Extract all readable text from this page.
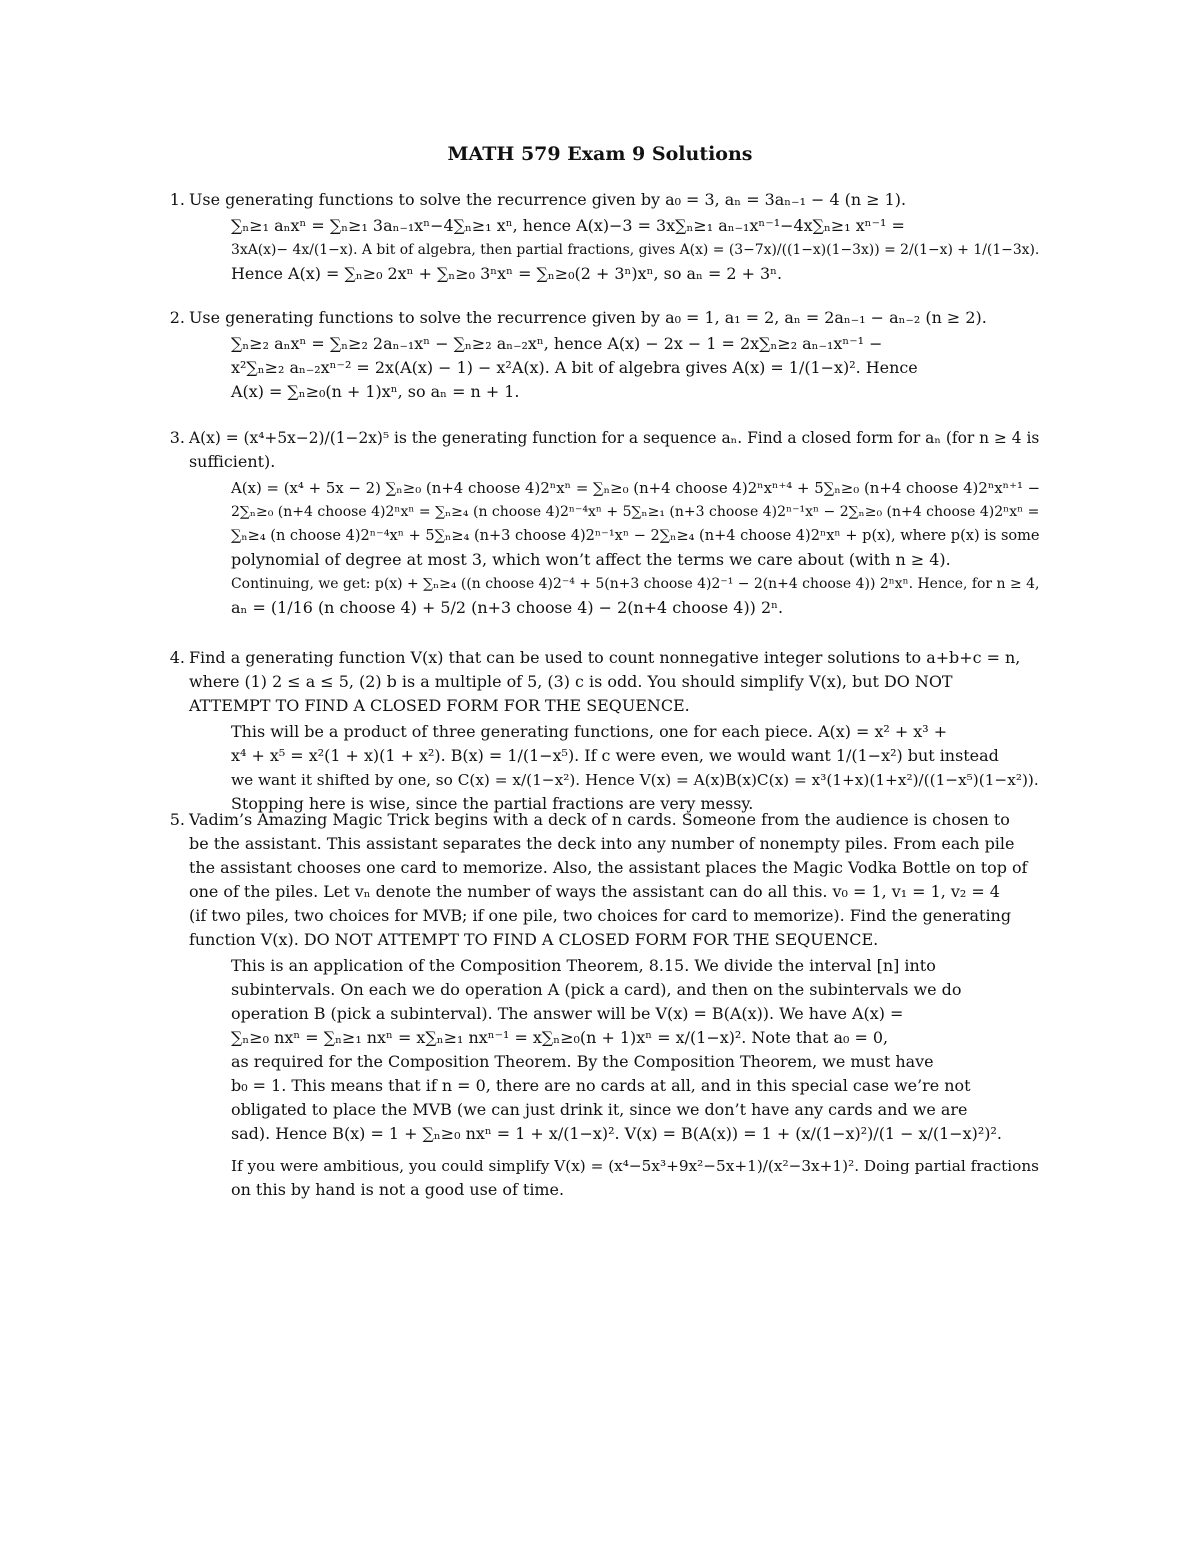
MATH 579 Exam 9 Solutions
1. Use generating functions to solve the recurrence given by a₀ = 3, aₙ = 3aₙ₋₁ − 4 (n ≥ 1).
∑ₙ≥₁ aₙxⁿ = ∑ₙ≥₁ 3aₙ₋₁xⁿ−4∑ₙ≥₁ xⁿ, hence A(x)−3 = 3x∑ₙ≥₁ aₙ₋₁xⁿ⁻¹−4x∑ₙ≥₁ xⁿ⁻¹ =
3xA(x)− 4x/(1−x). A bit of algebra, then partial fractions, gives A(x) = (3−7x)/((1−x)(1−3x)) = 2/(1−x) + 1/(1−3x).
Hence A(x) = ∑ₙ≥₀ 2xⁿ + ∑ₙ≥₀ 3ⁿxⁿ = ∑ₙ≥₀(2 + 3ⁿ)xⁿ, so aₙ = 2 + 3ⁿ.
2. Use generating functions to solve the recurrence given by a₀ = 1, a₁ = 2, aₙ = 2aₙ₋₁ − aₙ₋₂ (n ≥ 2).
∑ₙ≥₂ aₙxⁿ = ∑ₙ≥₂ 2aₙ₋₁xⁿ − ∑ₙ≥₂ aₙ₋₂xⁿ, hence A(x) − 2x − 1 = 2x∑ₙ≥₂ aₙ₋₁xⁿ⁻¹ −
x²∑ₙ≥₂ aₙ₋₂xⁿ⁻² = 2x(A(x) − 1) − x²A(x). A bit of algebra gives A(x) = 1/(1−x)². Hence
A(x) = ∑ₙ≥₀(n + 1)xⁿ, so aₙ = n + 1.
3. A(x) = (x⁴+5x−2)/(1−2x)⁵ is the generating function for a sequence aₙ. Find a closed form for aₙ (for n ≥ 4 is
sufficient).
A(x) = (x⁴ + 5x − 2) ∑ₙ≥₀ (n+4 choose 4)2ⁿxⁿ = ∑ₙ≥₀ (n+4 choose 4)2ⁿxⁿ⁺⁴ + 5∑ₙ≥₀ (n+4 choose 4)2ⁿxⁿ⁺¹ −
2∑ₙ≥₀ (n+4 choose 4)2ⁿxⁿ = ∑ₙ≥₄ (n choose 4)2ⁿ⁻⁴xⁿ + 5∑ₙ≥₁ (n+3 choose 4)2ⁿ⁻¹xⁿ − 2∑ₙ≥₀ (n+4 choose 4)2ⁿxⁿ =
∑ₙ≥₄ (n choose 4)2ⁿ⁻⁴xⁿ + 5∑ₙ≥₄ (n+3 choose 4)2ⁿ⁻¹xⁿ − 2∑ₙ≥₄ (n+4 choose 4)2ⁿxⁿ + p(x), where p(x) is some
polynomial of degree at most 3, which won’t affect the terms we care about (with n ≥ 4).
Continuing, we get: p(x) + ∑ₙ≥₄ ((n choose 4)2⁻⁴ + 5(n+3 choose 4)2⁻¹ − 2(n+4 choose 4)) 2ⁿxⁿ. Hence, for n ≥ 4,
aₙ = (1/16 (n choose 4) + 5/2 (n+3 choose 4) − 2(n+4 choose 4)) 2ⁿ.
4. Find a generating function V(x) that can be used to count nonnegative integer solutions to a+b+c = n,
where (1) 2 ≤ a ≤ 5, (2) b is a multiple of 5, (3) c is odd. You should simplify V(x), but DO NOT
ATTEMPT TO FIND A CLOSED FORM FOR THE SEQUENCE.
This will be a product of three generating functions, one for each piece. A(x) = x² + x³ +
x⁴ + x⁵ = x²(1 + x)(1 + x²). B(x) = 1/(1−x⁵). If c were even, we would want 1/(1−x²) but instead
we want it shifted by one, so C(x) = x/(1−x²). Hence V(x) = A(x)B(x)C(x) = x³(1+x)(1+x²)/((1−x⁵)(1−x²)).
Stopping here is wise, since the partial fractions are very messy.
5. Vadim’s Amazing Magic Trick begins with a deck of n cards. Someone from the audience is chosen to
be the assistant. This assistant separates the deck into any number of nonempty piles. From each pile
the assistant chooses one card to memorize. Also, the assistant places the Magic Vodka Bottle on top of
one of the piles. Let vₙ denote the number of ways the assistant can do all this. v₀ = 1, v₁ = 1, v₂ = 4
(if two piles, two choices for MVB; if one pile, two choices for card to memorize). Find the generating
function V(x). DO NOT ATTEMPT TO FIND A CLOSED FORM FOR THE SEQUENCE.
This is an application of the Composition Theorem, 8.15. We divide the interval [n] into
subintervals. On each we do operation A (pick a card), and then on the subintervals we do
operation B (pick a subinterval). The answer will be V(x) = B(A(x)). We have A(x) =
∑ₙ≥₀ nxⁿ = ∑ₙ≥₁ nxⁿ = x∑ₙ≥₁ nxⁿ⁻¹ = x∑ₙ≥₀(n + 1)xⁿ = x/(1−x)². Note that a₀ = 0,
as required for the Composition Theorem. By the Composition Theorem, we must have
b₀ = 1. This means that if n = 0, there are no cards at all, and in this special case we’re not
obligated to place the MVB (we can just drink it, since we don’t have any cards and we are
sad). Hence B(x) = 1 + ∑ₙ≥₀ nxⁿ = 1 + x/(1−x)². V(x) = B(A(x)) = 1 + (x/(1−x)²)/(1 − x/(1−x)²)².
If you were ambitious, you could simplify V(x) = (x⁴−5x³+9x²−5x+1)/(x²−3x+1)². Doing partial fractions
on this by hand is not a good use of time.
